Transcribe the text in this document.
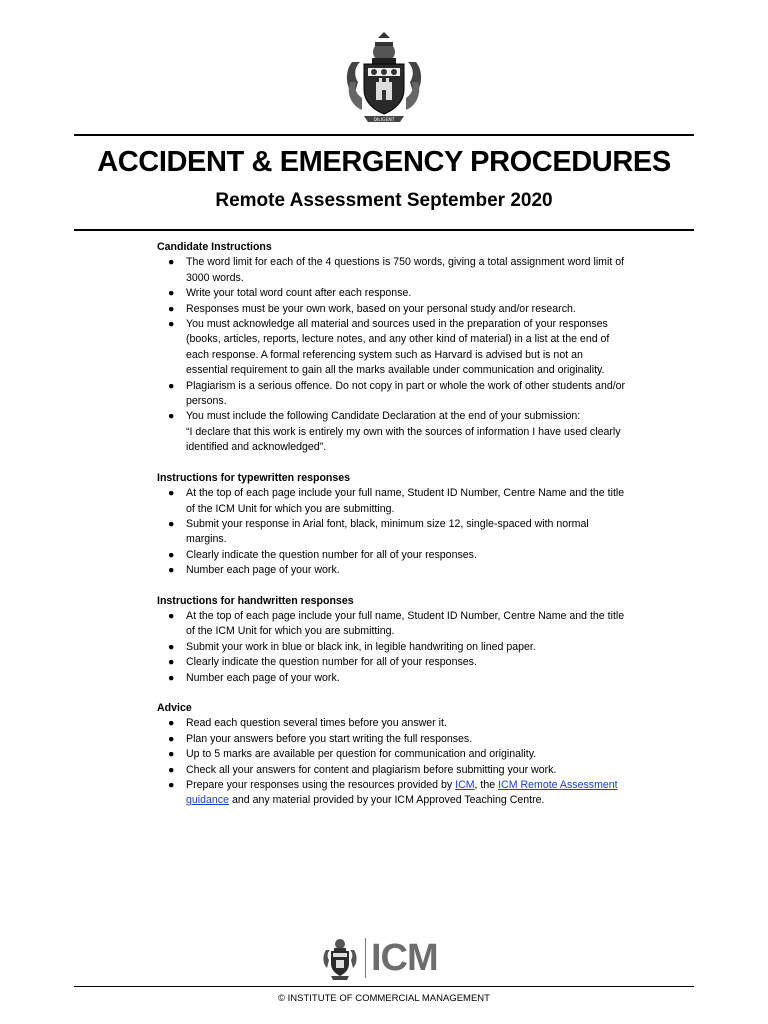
DILIGENT
ACCIDENT & EMERGENCY PROCEDURES
Remote Assessment September 2020
Candidate Instructions
● The word limit for each of the 4 questions is 750 words, giving a total assignment word limit of 3000 words.
● Write your total word count after each response.
● Responses must be your own work, based on your personal study and/or research.
● You must acknowledge all material and sources used in the preparation of your responses (books, articles, reports, lecture notes, and any other kind of material) in a list at the end of each response. A formal referencing system such as Harvard is advised but is not an essential requirement to gain all the marks available under communication and originality.
● Plagiarism is a serious offence. Do not copy in part or whole the work of other students and/or persons.
● You must include the following Candidate Declaration at the end of your submission:
“I declare that this work is entirely my own with the sources of information I have used clearly identified and acknowledged”.
Instructions for typewritten responses
● At the top of each page include your full name, Student ID Number, Centre Name and the title of the ICM Unit for which you are submitting.
● Submit your response in Arial font, black, minimum size 12, single-spaced with normal margins.
● Clearly indicate the question number for all of your responses.
● Number each page of your work.
Instructions for handwritten responses
● At the top of each page include your full name, Student ID Number, Centre Name and the title of the ICM Unit for which you are submitting.
● Submit your work in blue or black ink, in legible handwriting on lined paper.
● Clearly indicate the question number for all of your responses.
● Number each page of your work.
Advice
● Read each question several times before you answer it.
● Plan your answers before you start writing the full responses.
● Up to 5 marks are available per question for communication and originality.
● Check all your answers for content and plagiarism before submitting your work.
● Prepare your responses using the resources provided by ICM, the ICM Remote Assessment guidance and any material provided by your ICM Approved Teaching Centre.
ICM
© INSTITUTE OF COMMERCIAL MANAGEMENT
